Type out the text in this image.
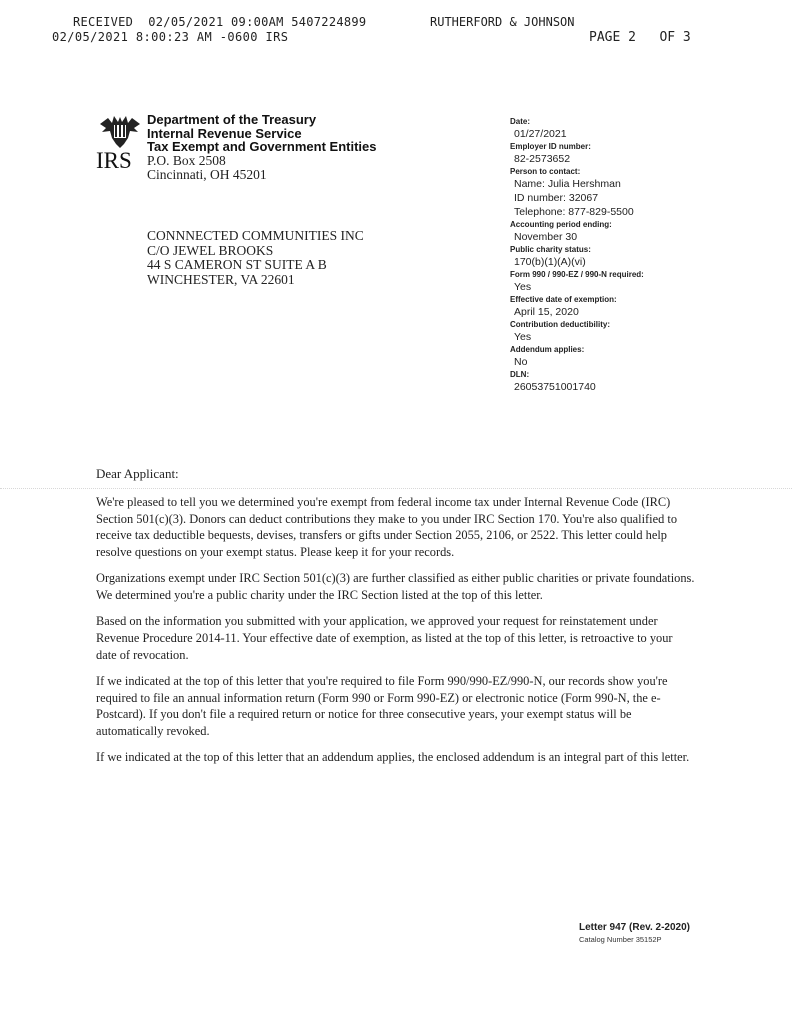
RECEIVED  02/05/2021 09:00AM 5407224899
02/05/2021 8:00:23 AM -0600 IRS
RUTHERFORD & JOHNSON
PAGE 2   OF 3
IRS
Department of the Treasury
Internal Revenue Service
Tax Exempt and Government Entities
P.O. Box 2508
Cincinnati, OH 45201
CONNNECTED COMMUNITIES INC
C/O JEWEL BROOKS
44 S CAMERON ST SUITE A B
WINCHESTER, VA 22601
Date:
01/27/2021
Employer ID number:
82-2573652
Person to contact:
Name: Julia Hershman
ID number: 32067
Telephone: 877-829-5500
Accounting period ending:
November 30
Public charity status:
170(b)(1)(A)(vi)
Form 990 / 990-EZ / 990-N required:
Yes
Effective date of exemption:
April 15, 2020
Contribution deductibility:
Yes
Addendum applies:
No
DLN:
26053751001740
Dear Applicant:

We're pleased to tell you we determined you're exempt from federal income tax under Internal Revenue Code (IRC) Section 501(c)(3). Donors can deduct contributions they make to you under IRC Section 170. You're also qualified to receive tax deductible bequests, devises, transfers or gifts under Section 2055, 2106, or 2522. This letter could help resolve questions on your exempt status. Please keep it for your records.

Organizations exempt under IRC Section 501(c)(3) are further classified as either public charities or private foundations. We determined you're a public charity under the IRC Section listed at the top of this letter.

Based on the information you submitted with your application, we approved your request for reinstatement under Revenue Procedure 2014-11. Your effective date of exemption, as listed at the top of this letter, is retroactive to your date of revocation.

If we indicated at the top of this letter that you're required to file Form 990/990-EZ/990-N, our records show you're required to file an annual information return (Form 990 or Form 990-EZ) or electronic notice (Form 990-N, the e-Postcard). If you don't file a required return or notice for three consecutive years, your exempt status will be automatically revoked.

If we indicated at the top of this letter that an addendum applies, the enclosed addendum is an integral part of this letter.

Letter 947 (Rev. 2-2020)
Catalog Number 35152P
